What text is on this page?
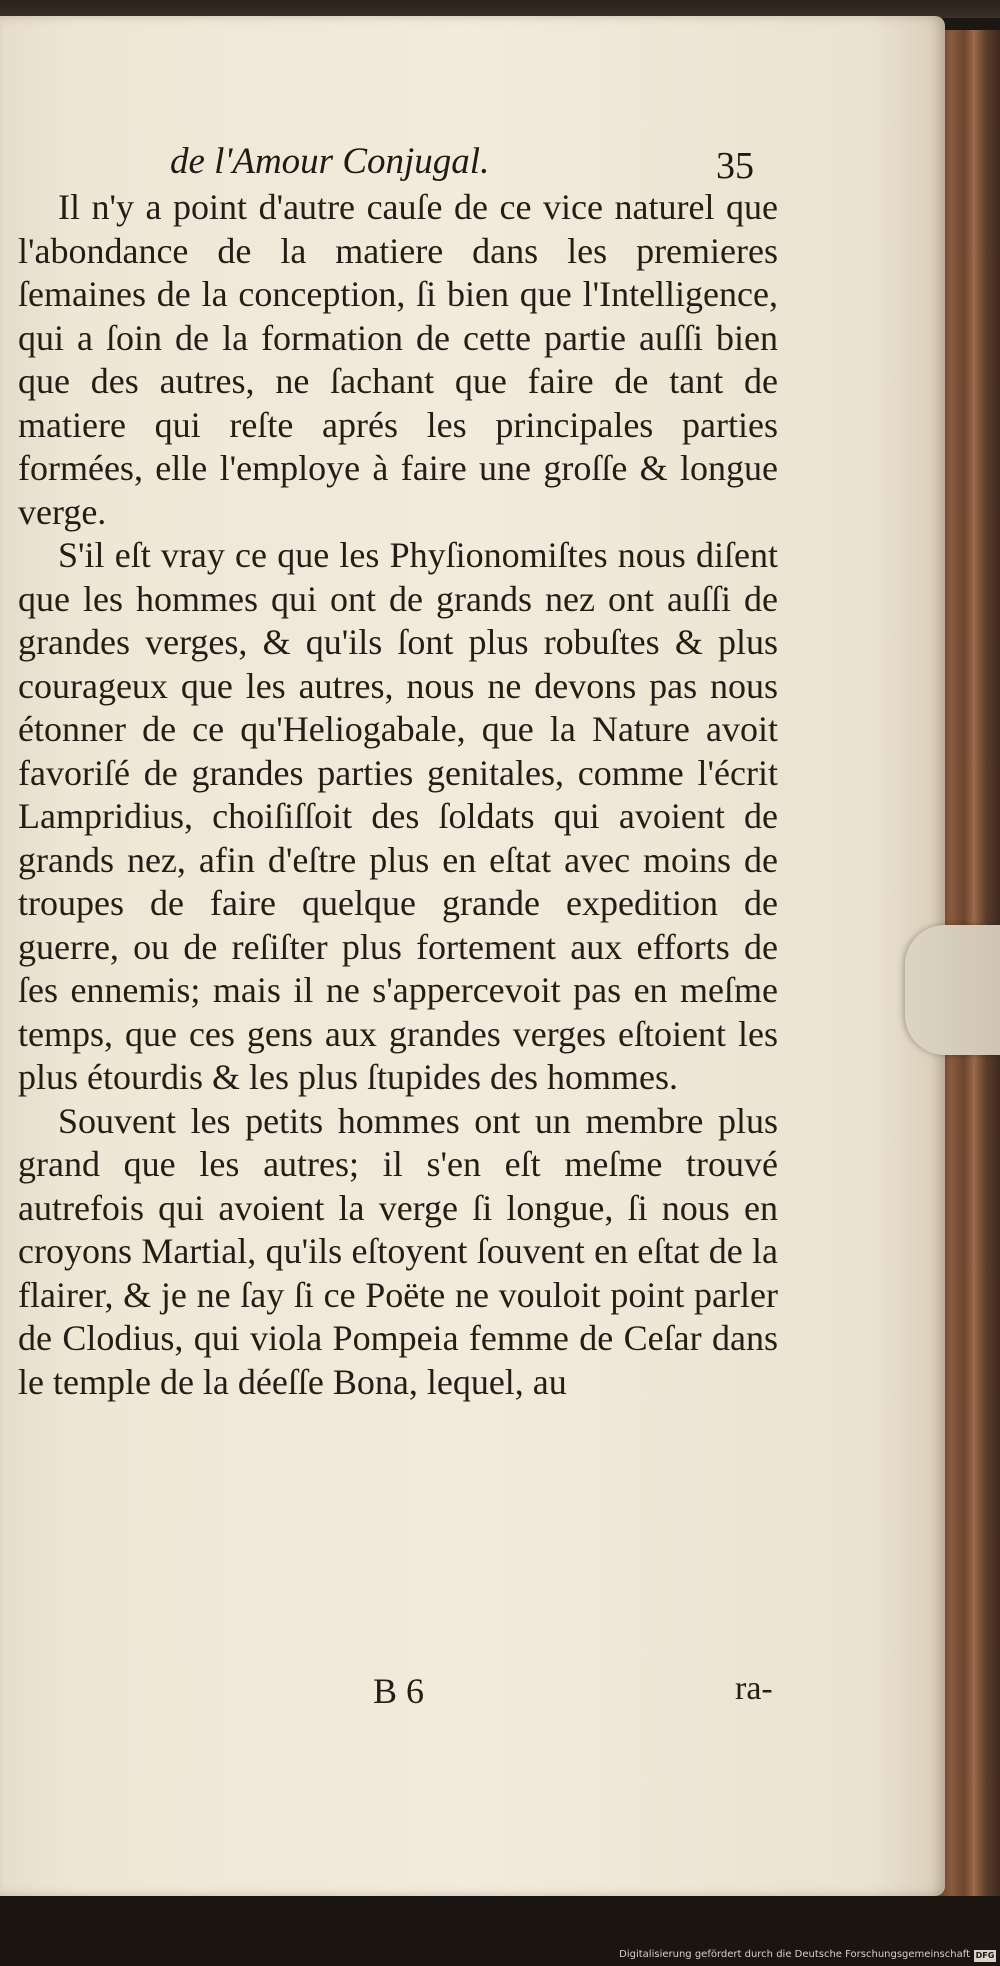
de l'Amour Conjugal.	35

Il n'y a point d'autre cauſe de ce vice naturel que l'abondance de la matiere dans les premieres ſemaines de la conception, ſi bien que l'Intelligence, qui a ſoin de la formation de cette partie auſſi bien que des autres, ne ſachant que faire de tant de matiere qui reſte aprés les principales parties formées, elle l'employe à faire une groſſe & longue verge.

S'il eſt vray ce que les Phyſionomiſtes nous diſent que les hommes qui ont de grands nez ont auſſi de grandes verges, & qu'ils ſont plus robuſtes & plus courageux que les autres, nous ne devons pas nous étonner de ce qu'Heliogabale, que la Nature avoit favoriſé de grandes parties genitales, comme l'écrit Lampridius, choiſiſſoit des ſoldats qui avoient de grands nez, afin d'eſtre plus en eſtat avec moins de troupes de faire quelque grande expedition de guerre, ou de reſiſter plus fortement aux efforts de ſes ennemis; mais il ne s'appercevoit pas en meſme temps, que ces gens aux grandes verges eſtoient les plus étourdis & les plus ſtupides des hommes.

Souvent les petits hommes ont un membre plus grand que les autres; il s'en eſt meſme trouvé autrefois qui avoient la verge ſi longue, ſi nous en croyons Martial, qu'ils eſtoyent ſouvent en eſtat de la flairer, & je ne ſay ſi ce Poëte ne vouloit point parler de Clodius, qui viola Pompeia femme de Ceſar dans le temple de la déeſſe Bona, lequel, au

B 6	ra-
Digitalisierung gefördert durch die Deutsche Forschungsgemeinschaft DFG
